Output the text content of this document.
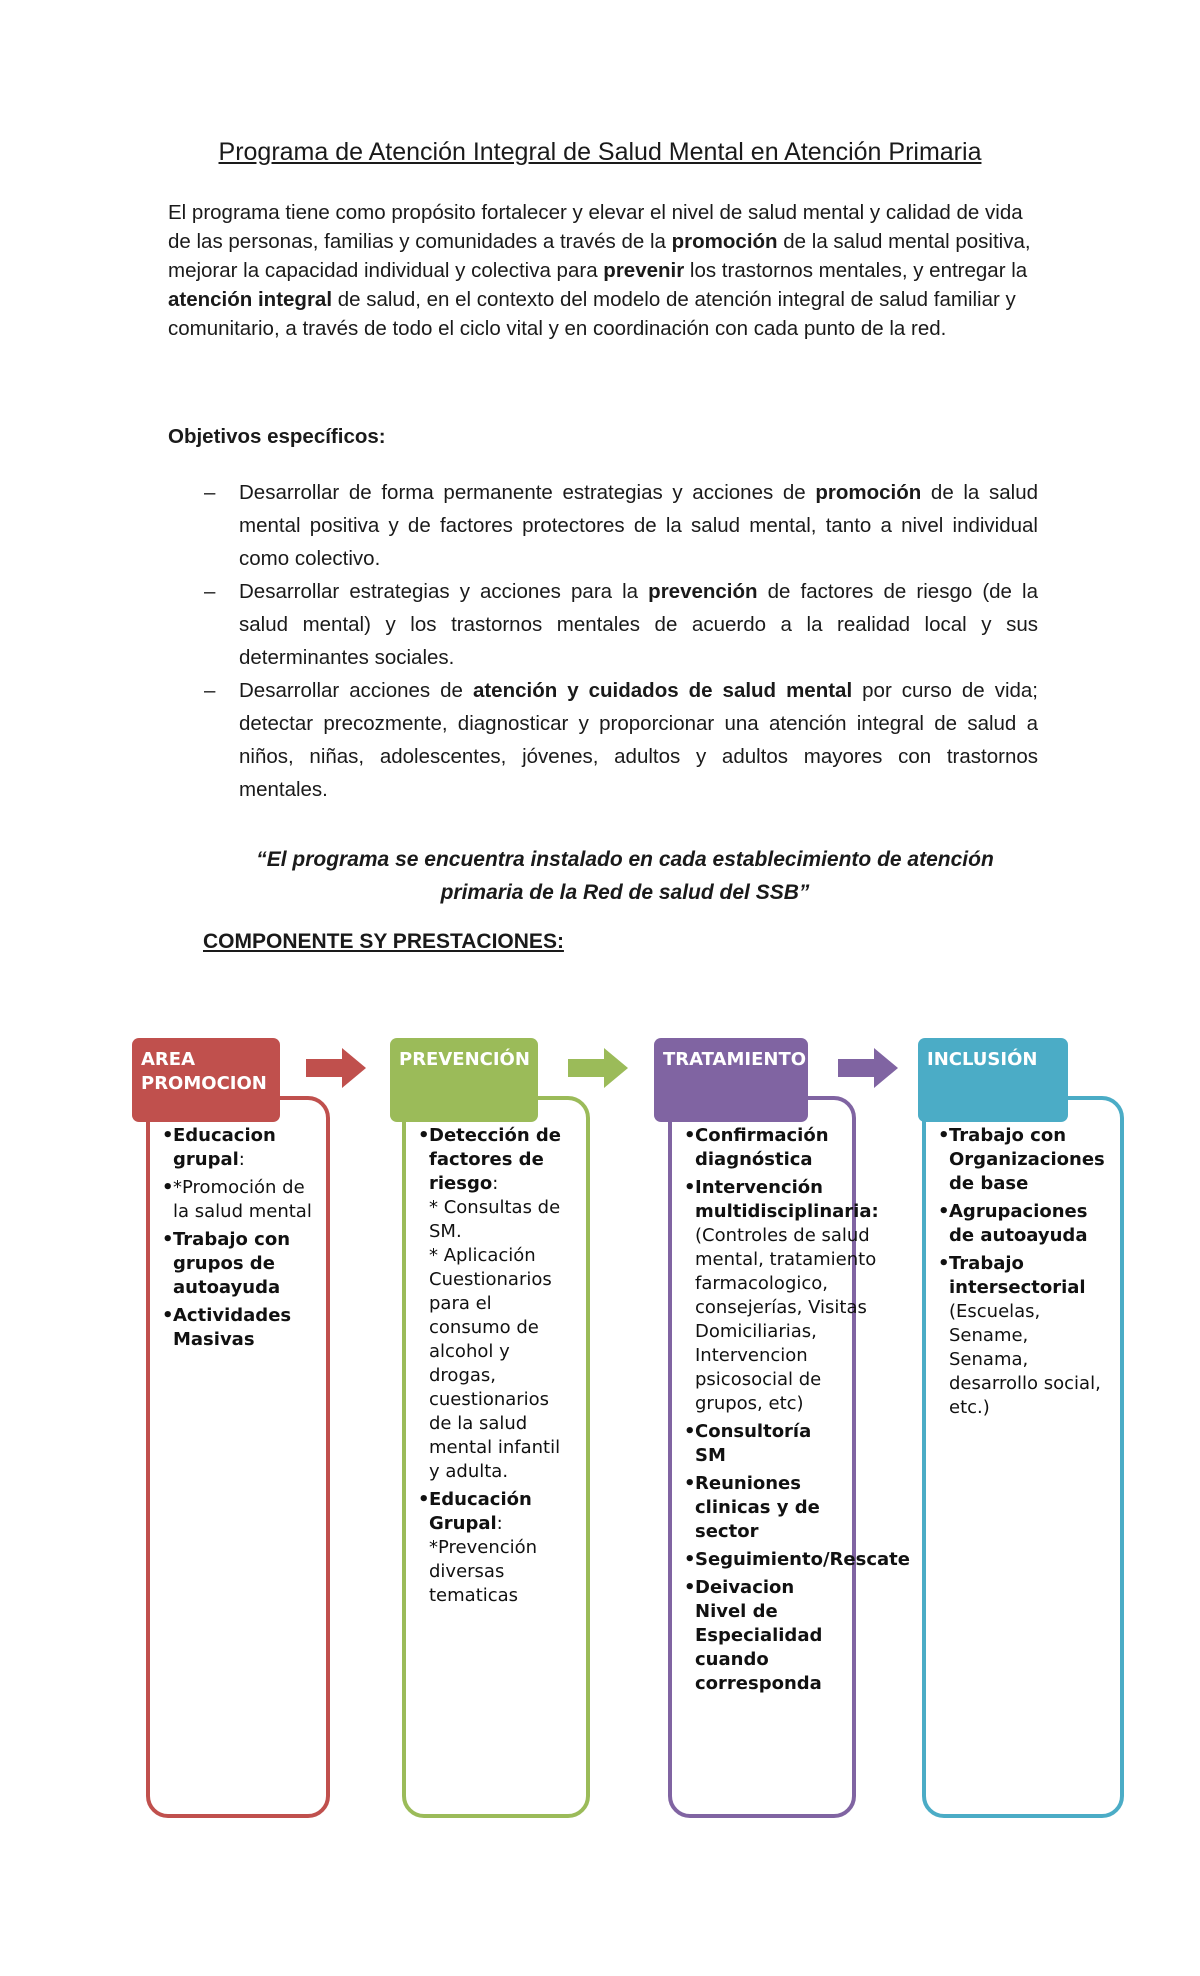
Programa de Atención Integral de Salud Mental en Atención Primaria

El programa tiene como propósito fortalecer y elevar el nivel de salud mental y calidad de vida de las personas, familias y comunidades a través de la promoción de la salud mental positiva, mejorar la capacidad individual y colectiva para prevenir los trastornos mentales, y entregar la atención integral de salud, en el contexto del modelo de atención integral de salud familiar y comunitario, a través de todo el ciclo vital y en coordinación con cada punto de la red.

Objetivos específicos:

– Desarrollar de forma permanente estrategias y acciones de promoción de la salud mental positiva y de factores protectores de la salud mental, tanto a nivel individual como colectivo.
– Desarrollar estrategias y acciones para la prevención de factores de riesgo (de la salud mental) y los trastornos mentales de acuerdo a la realidad local y sus determinantes sociales.
– Desarrollar acciones de atención y cuidados de salud mental por curso de vida; detectar precozmente, diagnosticar y proporcionar una atención integral de salud a niños, niñas, adolescentes, jóvenes, adultos y adultos mayores con trastornos mentales.

“El programa se encuentra instalado en cada establecimiento de atención primaria de la Red de salud del SSB”

COMPONENTE SY PRESTACIONES:

• Educacion grupal:
• *Promoción de la salud mental
• Trabajo con grupos de autoayuda
• Actividades Masivas
AREA PROMOCION
• Detección de factores de riesgo:
* Consultas de SM.
* Aplicación Cuestionarios para el consumo de alcohol y drogas, cuestionarios de la salud mental infantil y adulta.
• Educación Grupal:
*Prevención diversas tematicas
PREVENCIÓN
• Confirmación diagnóstica
• Intervención multidisciplinaria: (Controles de salud mental, tratamiento farmacologico, consejerías, Visitas Domiciliarias, Intervencion psicosocial de grupos, etc)
• Consultoría SM
• Reuniones clinicas y de sector
• Seguimiento/Rescate
• Deivacion Nivel de Especialidad cuando corresponda
TRATAMIENTO
• Trabajo con Organizaciones de base
• Agrupaciones de autoayuda
• Trabajo intersectorial
(Escuelas, Sename, Senama, desarrollo social, etc.)
INCLUSIÓN
